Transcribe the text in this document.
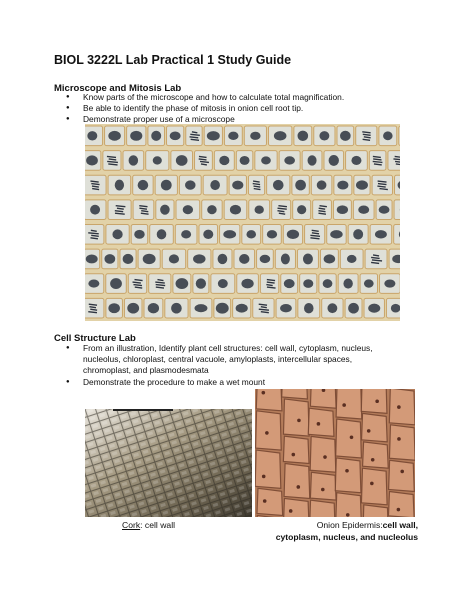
BIOL 3222L Lab Practical 1 Study Guide
Microscope and Mitosis Lab
● Know parts of the microscope and how to calculate total magnification.
● Be able to identify the phase of mitosis in onion cell root tip.
● Demonstrate proper use of a microscope
Cell Structure Lab
● From an illustration, Identify plant cell structures: cell wall, cytoplasm, nucleus, nucleolus, chloroplast, central vacuole, amyloplasts, intercellular spaces, chromoplast, and plasmodesmata
● Demonstrate the procedure to make a wet mount
Cork: cell wall	Onion Epidermis:cell wall,
cytoplasm, nucleus, and nucleolus
